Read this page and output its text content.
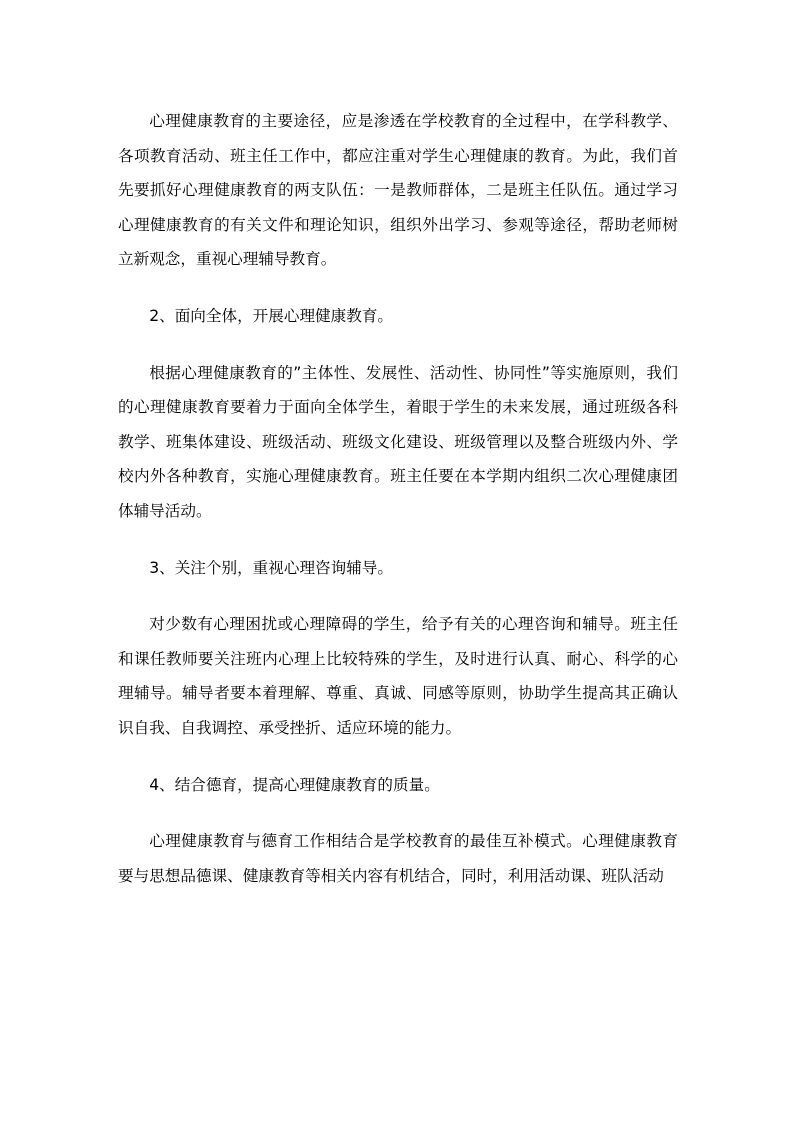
心理健康教育的主要途径，应是渗透在学校教育的全过程中，在学科教学、各项教育活动、班主任工作中，都应注重对学生心理健康的教育。为此，我们首先要抓好心理健康教育的两支队伍：一是教师群体，二是班主任队伍。通过学习心理健康教育的有关文件和理论知识，组织外出学习、参观等途径，帮助老师树立新观念，重视心理辅导教育。

2、面向全体，开展心理健康教育。

根据心理健康教育的”主体性、发展性、活动性、协同性”等实施原则，我们的心理健康教育要着力于面向全体学生，着眼于学生的未来发展，通过班级各科教学、班集体建设、班级活动、班级文化建设、班级管理以及整合班级内外、学校内外各种教育，实施心理健康教育。班主任要在本学期内组织二次心理健康团体辅导活动。

3、关注个别，重视心理咨询辅导。

对少数有心理困扰或心理障碍的学生，给予有关的心理咨询和辅导。班主任和课任教师要关注班内心理上比较特殊的学生，及时进行认真、耐心、科学的心理辅导。辅导者要本着理解、尊重、真诚、同感等原则，协助学生提高其正确认识自我、自我调控、承受挫折、适应环境的能力。

4、结合德育，提高心理健康教育的质量。

心理健康教育与德育工作相结合是学校教育的最佳互补模式。心理健康教育要与思想品德课、健康教育等相关内容有机结合，同时，利用活动课、班队活动
